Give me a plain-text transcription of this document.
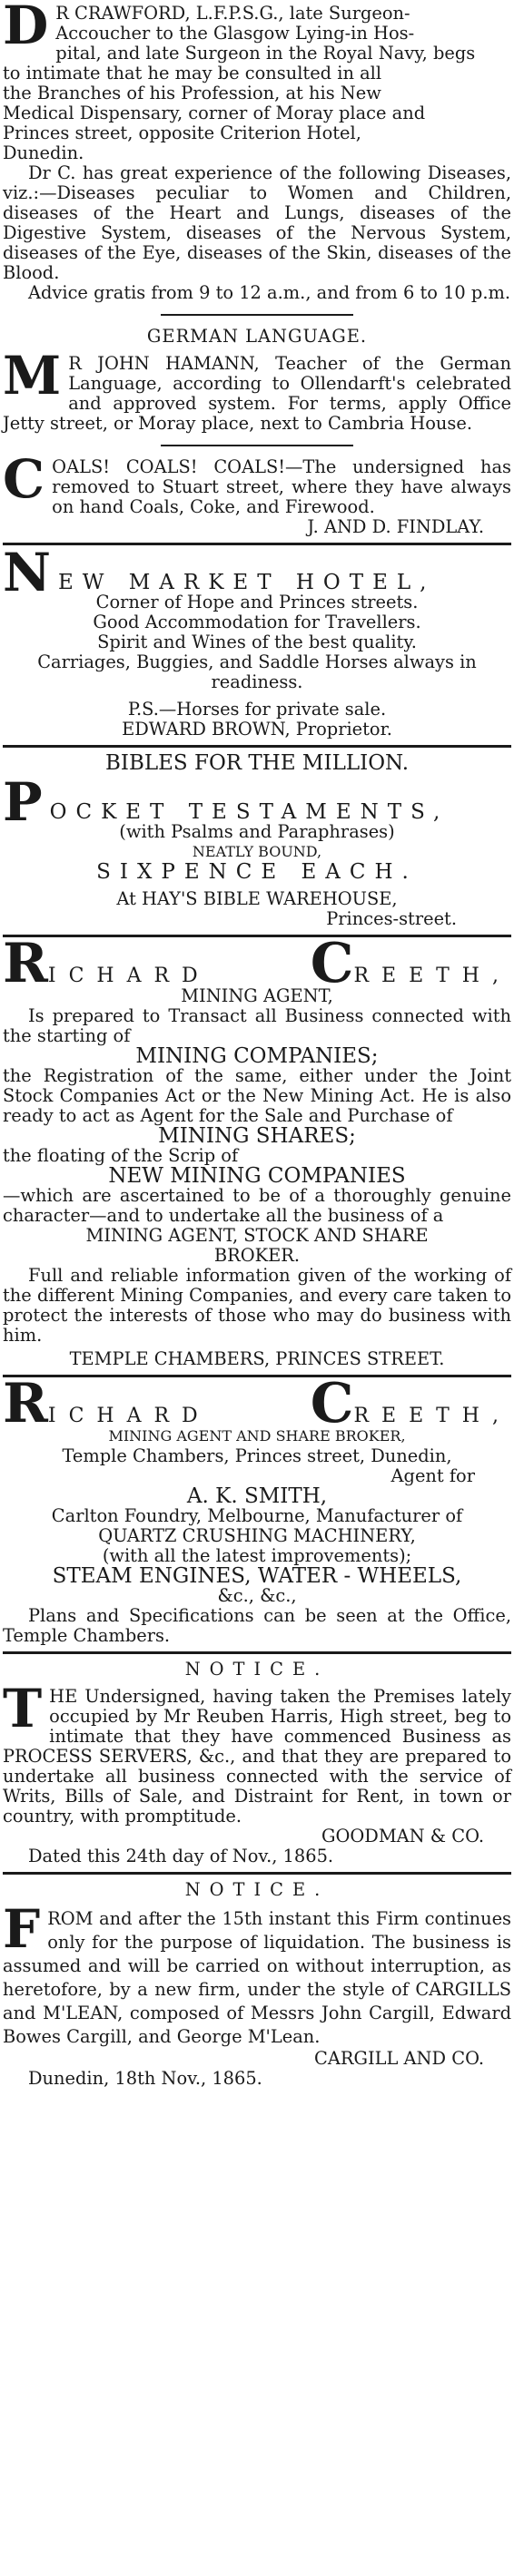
D R CRAWFORD, L.F.P.S.G., late Surgeon-

Accoucher to the Glasgow Lying-in Hos-

pital, and late Surgeon in the Royal Navy, begs

to intimate that he may be consulted in all

the Branches of his Profession, at his New

Medical Dispensary, corner of Moray place and

Princes street, opposite Criterion Hotel,

Dunedin.

Dr C. has great experience of the following Diseases, viz.:—Diseases peculiar to Women and Children, diseases of the Heart and Lungs, diseases of the Digestive System, diseases of the Nervous System, diseases of the Eye, diseases of the Skin, diseases of the Blood.

Advice gratis from 9 to 12 a.m., and from 6 to 10 p.m.

GERMAN LANGUAGE.

M R JOHN HAMANN, Teacher of the German Language, according to Ollendarft's celebrated and approved system. For terms, apply Office Jetty street, or Moray place, next to Cambria House.

C OALS! COALS! COALS!—The undersigned has removed to Stuart street, where they have always on hand Coals, Coke, and Firewood.

J. AND D. FINDLAY.

N EW MARKET HOTEL,

Corner of Hope and Princes streets.

Good Accommodation for Travellers.

Spirit and Wines of the best quality.

Carriages, Buggies, and Saddle Horses always in

readiness.

P.S.—Horses for private sale.

EDWARD BROWN, Proprietor.

BIBLES FOR THE MILLION.

P OCKET TESTAMENTS,

(with Psalms and Paraphrases)

NEATLY BOUND,

SIXPENCE EACH.

At HAY'S BIBLE WAREHOUSE,

Princes-street.

RICHARD CREETH,

MINING AGENT,

Is prepared to Transact all Business connected with the starting of

MINING COMPANIES;

the Registration of the same, either under the Joint Stock Companies Act or the New Mining Act. He is also ready to act as Agent for the Sale and Purchase of

MINING SHARES;

the floating of the Scrip of

NEW MINING COMPANIES

—which are ascertained to be of a thoroughly genuine character—and to undertake all the business of a

MINING AGENT, STOCK AND SHARE

BROKER.

Full and reliable information given of the working of the different Mining Companies, and every care taken to protect the interests of those who may do business with him.

TEMPLE CHAMBERS, PRINCES STREET.

RICHARD CREETH,

MINING AGENT AND SHARE BROKER,

Temple Chambers, Princes street, Dunedin,

Agent for

A. K. SMITH,

Carlton Foundry, Melbourne, Manufacturer of

QUARTZ CRUSHING MACHINERY,

(with all the latest improvements);

STEAM ENGINES, WATER - WHEELS,

&c., &c.,

Plans and Specifications can be seen at the Office, Temple Chambers.

NOTICE.

T HE Undersigned, having taken the Premises lately occupied by Mr Reuben Harris, High street, beg to intimate that they have commenced Business as PROCESS SERVERS, &c., and that they are prepared to undertake all business connected with the service of Writs, Bills of Sale, and Distraint for Rent, in town or country, with promptitude.

GOODMAN & CO.

Dated this 24th day of Nov., 1865.

NOTICE.

F ROM and after the 15th instant this Firm continues only for the purpose of liquidation. The business is assumed and will be carried on without interruption, as heretofore, by a new firm, under the style of CARGILLS and M'LEAN, composed of Messrs John Cargill, Edward Bowes Cargill, and George M'Lean.

CARGILL AND CO.

Dunedin, 18th Nov., 1865.
